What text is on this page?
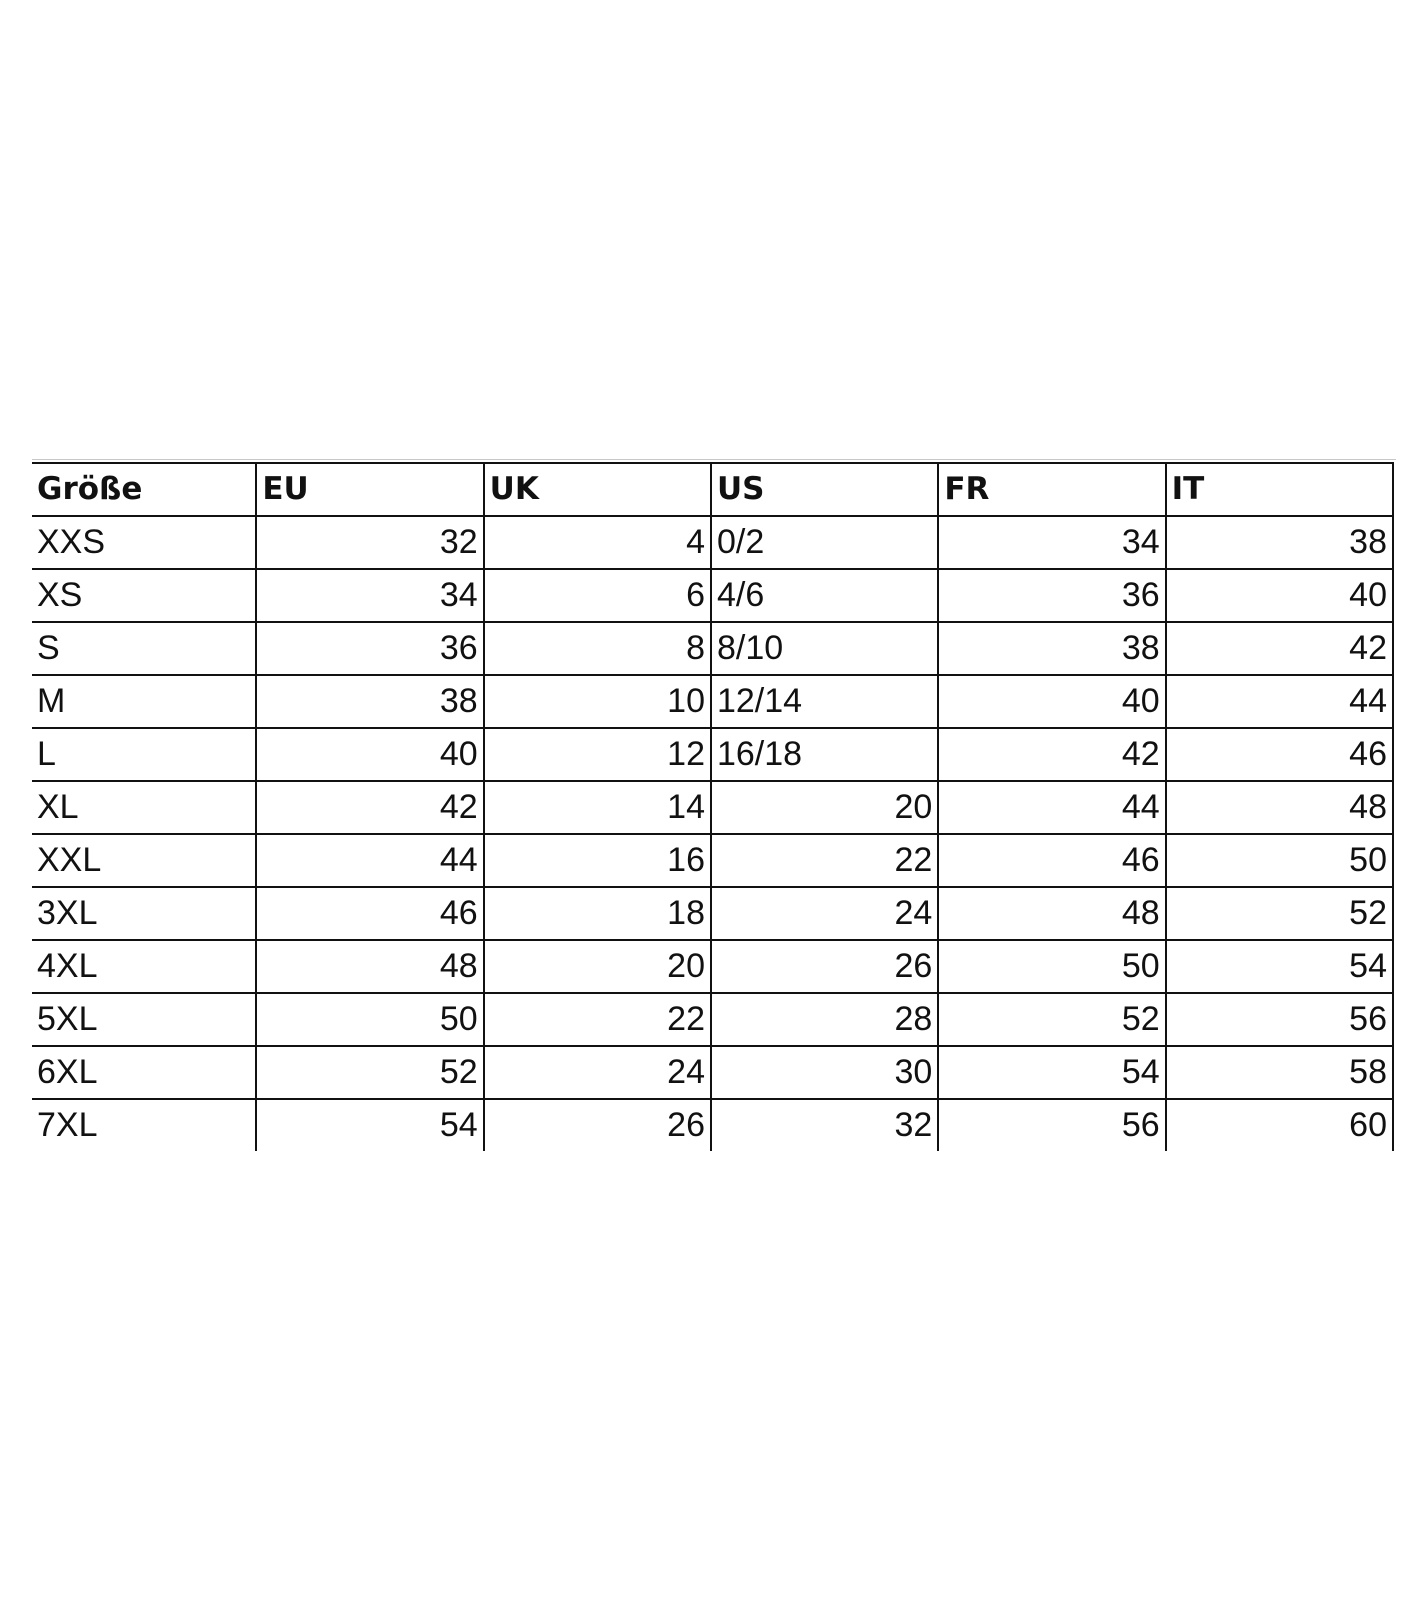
Größe	EU	UK	US	FR	IT
XXS	32	4	0/2	34	38
XS	34	6	4/6	36	40
S	36	8	8/10	38	42
M	38	10	12/14	40	44
L	40	12	16/18	42	46
XL	42	14	20	44	48
XXL	44	16	22	46	50
3XL	46	18	24	48	52
4XL	48	20	26	50	54
5XL	50	22	28	52	56
6XL	52	24	30	54	58
7XL	54	26	32	56	60
